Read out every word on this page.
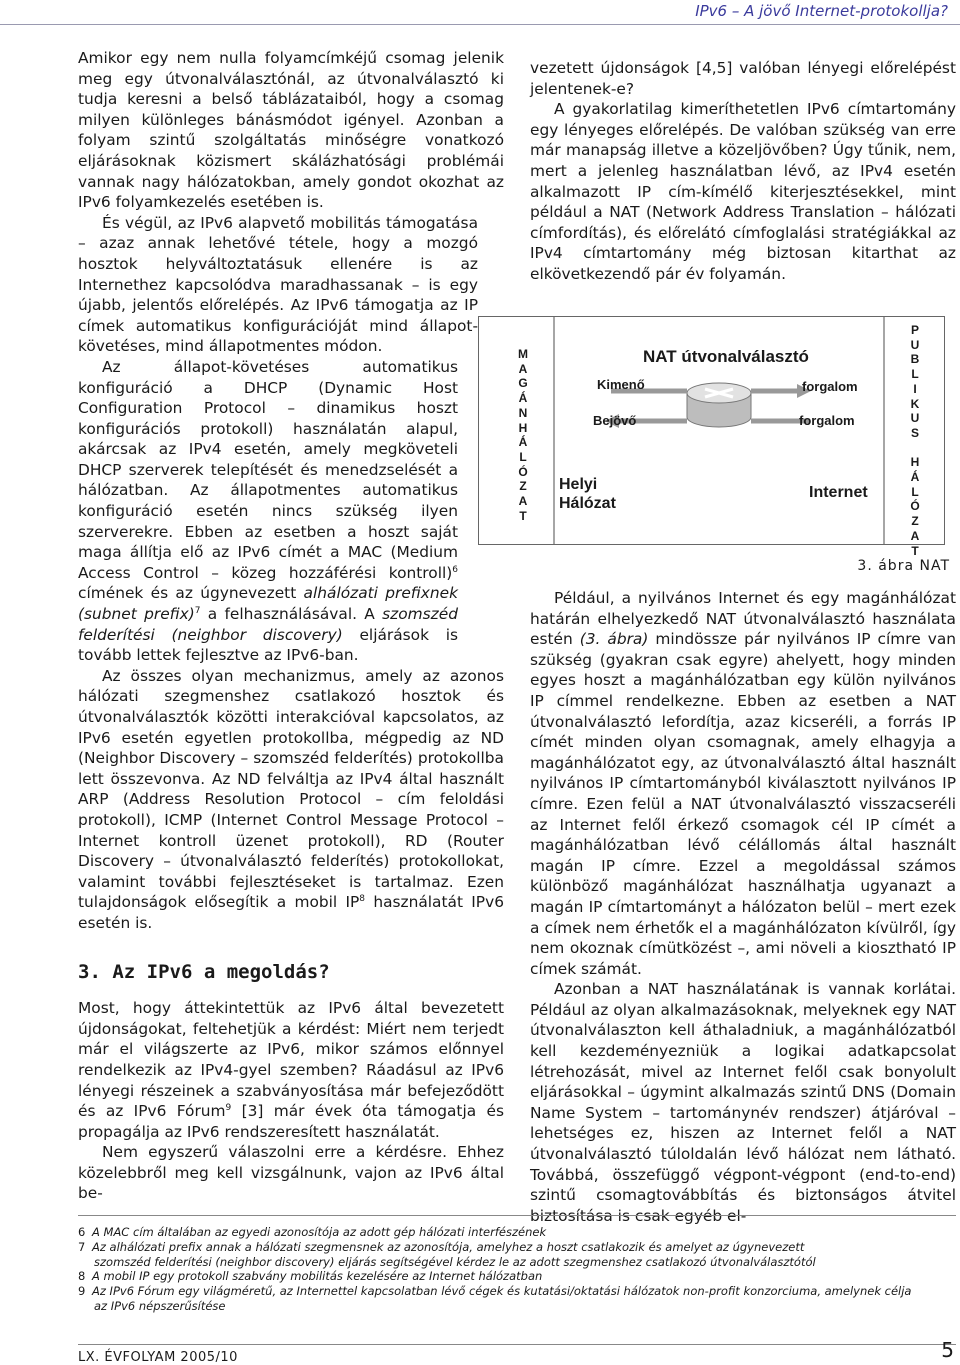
IPv6 – A jövő Internet-protokollja?

Amikor egy nem nulla folyamcímkéjű csomag jelenik meg egy útvonalválasztónál, az útvonalválasztó ki tudja keresni a belső táblázataiból, hogy a csomag milyen különleges bánásmódot igényel. Azonban a folyam szintű szolgáltatás minőségre vonatkozó eljárásoknak közismert skálázhatósági problémái vannak nagy hálózatokban, amely gondot okozhat az IPv6 folyamkezelés esetében is.

És végül, az IPv6 alapvető mobilitás támogatása – azaz annak lehetővé tétele, hogy a mozgó hosztok helyváltoztatásuk ellenére is az Internethez kapcsolódva maradhassanak – is egy újabb, jelentős előrelépés. Az IPv6 támogatja az IP címek automatikus konfigurációját mind állapot-követéses, mind állapotmentes módon.

Az állapot-követéses automatikus konfiguráció a DHCP (Dynamic Host Configuration Protocol – dinamikus hoszt konfigurációs protokoll) használatán alapul, akárcsak az IPv4 esetén, amely megköveteli DHCP szerverek telepítését és menedzselését a hálózatban. Az állapotmentes automatikus konfiguráció esetén nincs szükség ilyen szerverekre. Ebben az esetben a hoszt saját maga állítja elő az IPv6 címét a MAC (Medium Access Control – közeg hozzáférési kontroll)$^6$ címének és az úgynevezett alhálózati prefixnek (subnet prefix)$^7$ a felhasználásával. A szomszéd felderítési (neighbor discovery) eljárások is tovább lettek fejlesztve az IPv6-ban.

Az összes olyan mechanizmus, amely az azonos hálózati szegmenshez csatlakozó hosztok és útvonalválasztók közötti interakcióval kapcsolatos, az IPv6 esetén egyetlen protokollba, mégpedig az ND (Neighbor Discovery – szomszéd felderítés) protokollba lett összevonva. Az ND felváltja az IPv4 által használt ARP (Address Resolution Protocol – cím feloldási protokoll), ICMP (Internet Control Message Protocol – Internet kontroll üzenet protokoll), RD (Router Discovery – útvonalválasztó felderítés) protokollokat, valamint további fejlesztéseket is tartalmaz. Ezen tulajdonságok elősegítik a mobil $IP^8$ használatát IPv6 esetén is.

3. Az IPv6 a megoldás?

Most, hogy áttekintettük az IPv6 által bevezetett újdonságokat, feltehetjük a kérdést: Miért nem terjedt már el világszerte az IPv6, mikor számos előnnyel rendelkezik az IPv4-gyel szemben? Ráadásul az IPv6 lényegi részeinek a szabványosítása már befejeződött és az IPv6 Fórum$^9$ [3] már évek óta támogatja és propagálja az IPv6 rendszeresített használatát.

Nem egyszerű válaszolni erre a kérdésre. Ehhez közelebbről meg kell vizsgálnunk, vajon az IPv6 által be-

vezetett újdonságok [4,5] valóban lényegi előrelépést jelentenek-e?

A gyakorlatilag kimeríthetetlen IPv6 címtartomány egy lényeges előrelépés. De valóban szükség van erre már manapság illetve a közeljövőben? Úgy tűnik, nem, mert a jelenleg használatban lévő, az IPv4 esetén alkalmazott IP cím-kímélő kiterjesztésekkel, mint például a NAT (Network Address Translation – hálózati címfordítás), és előrelátó címfoglalási stratégiákkal az IPv4 címtartomány még biztosan kitarthat az elkövetkezendő pár év folyamán.

M
A
G
Á
N
H
Á
L
Ó
Z
A
T
P
U
B
L
I
K
U
S

H
Á
L
Ó
Z
A
T
NAT útvonalválasztó
Kimenő
Bejövő
forgalom
forgalom
Helyi
Hálózat
Internet
3. ábra NAT

Például, a nyilvános Internet és egy magánhálózat határán elhelyezkedő NAT útvonalválasztó használata estén (3. ábra) mindössze pár nyilvános IP címre van szükség (gyakran csak egyre) ahelyett, hogy minden egyes hoszt a magánhálózatban egy külön nyilvános IP címmel rendelkezne. Ebben az esetben a NAT útvonalválasztó lefordítja, azaz kicseréli, a forrás IP címét minden olyan csomagnak, amely elhagyja a magánhálózatot egy, az útvonalválasztó által használt nyilvános IP címtartományból kiválasztott nyilvános IP címre. Ezen felül a NAT útvonalválasztó visszacseréli az Internet felől érkező csomagok cél IP címét a magánhálózatban lévő célállomás által használt magán IP címre. Ezzel a megoldással számos különböző magánhálózat használhatja ugyanazt a magán IP címtartományt a hálózaton belül – mert ezek a címek nem érhetők el a magánhálózaton kívülről, így nem okoznak címütközést –, ami növeli a kiosztható IP címek számát.

Azonban a NAT használatának is vannak korlátai. Például az olyan alkalmazásoknak, melyeknek egy NAT útvonalválaszton kell áthaladniuk, a magánhálózatból kell kezdeményezniük a logikai adatkapcsolat létrehozását, mivel az Internet felől csak bonyolult eljárásokkal – úgymint alkalmazás szintű DNS (Domain Name System – tartománynév rendszer) átjáróval – lehetséges ez, hiszen az Internet felől a NAT útvonalválasztó túloldalán lévő hálózat nem látható. Továbbá, összefüggő végpont-végpont (end-to-end) szintű csomagtovábbítás és biztonságos átvitel biztosítása is csak egyéb el-

6 A MAC cím általában az egyedi azonosítója az adott gép hálózati interfészének

7 Az alhálózati prefix annak a hálózati szegmensnek az azonosítója, amelyhez a hoszt csatlakozik és amelyet az úgynevezett

szomszéd felderítési (neighbor discovery) eljárás segítségével kérdez le az adott szegmenshez csatlakozó útvonalválasztótól

8 A mobil IP egy protokoll szabvány mobilitás kezelésére az Internet hálózatban

9 Az IPv6 Fórum egy világméretű, az Internettel kapcsolatban lévő cégek és kutatási/oktatási hálózatok non-profit konzorciuma, amelynek célja

az IPv6 népszerűsítése

LX. ÉVFOLYAM 2005/10	5
